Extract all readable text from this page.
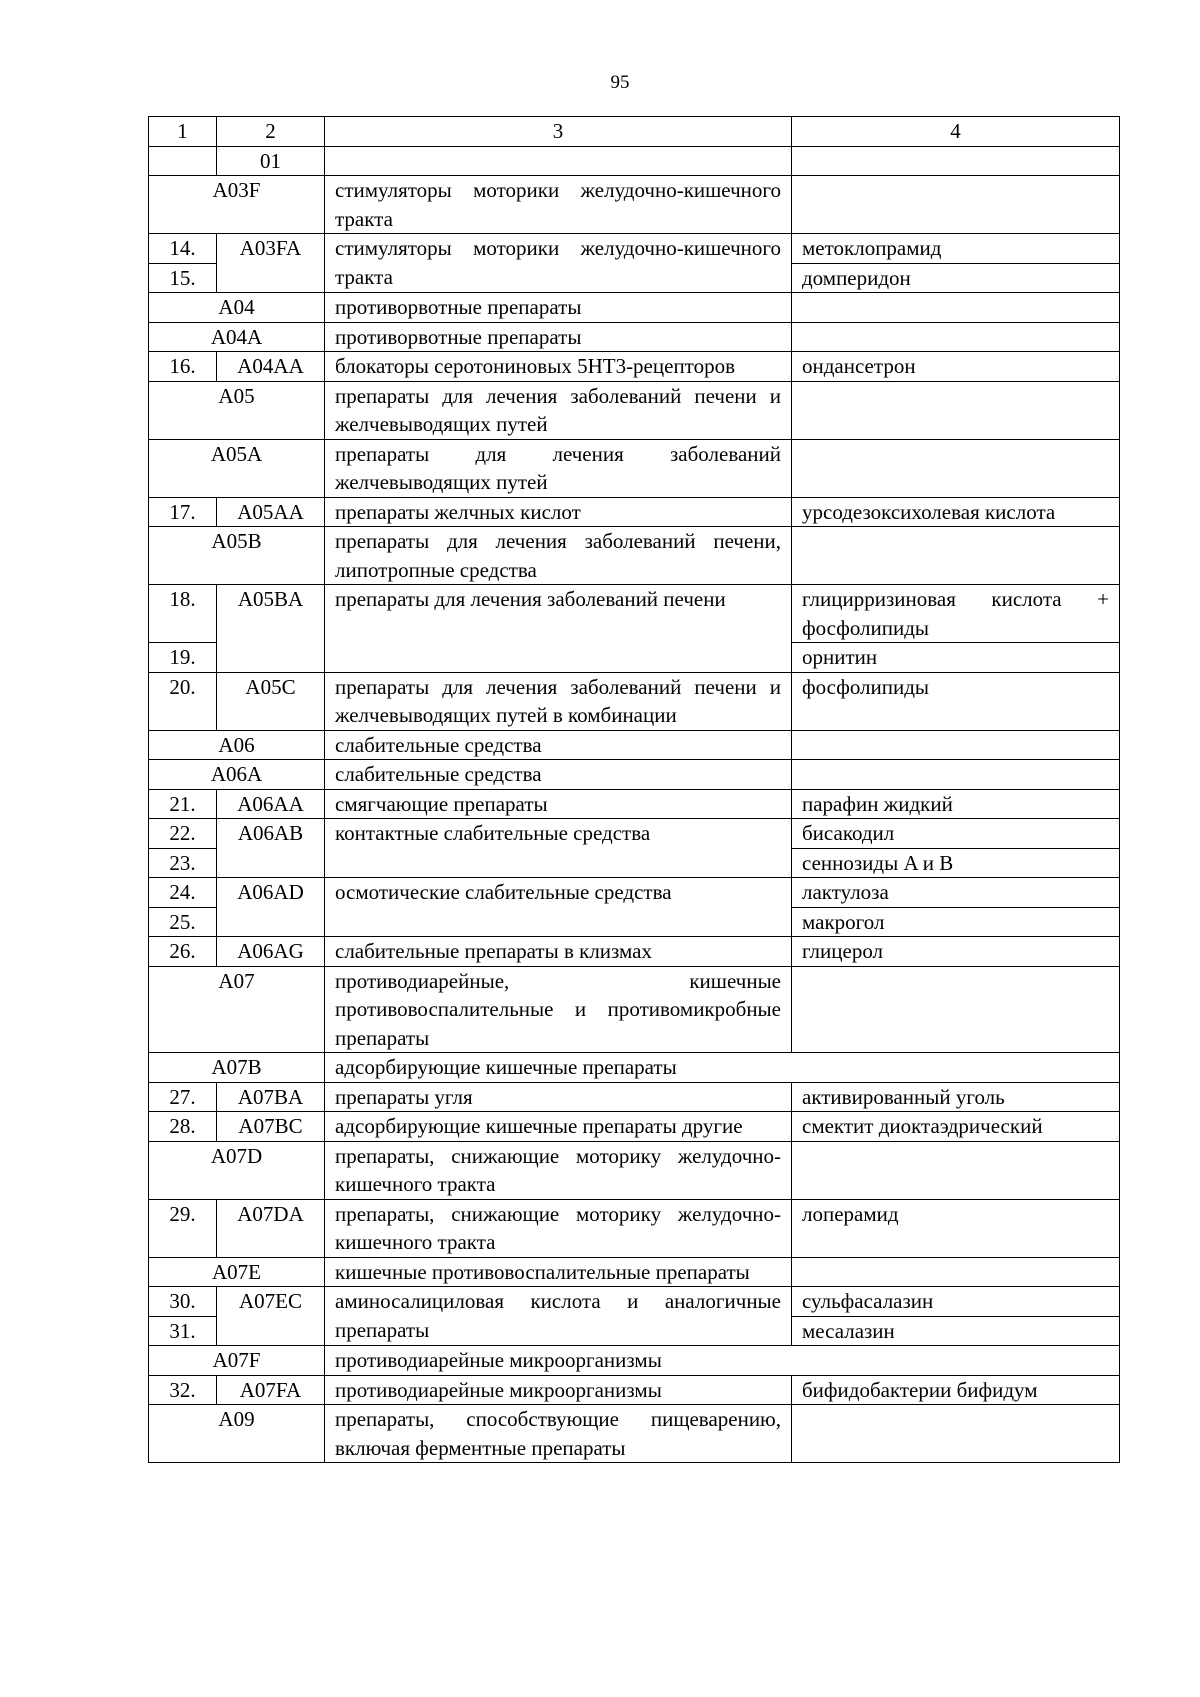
95
1	2	3	4
	01		
A03F		стимуляторы моторики желудочно-кишечного тракта	
14.	A03FA	стимуляторы моторики желудочно-кишечного тракта	метоклопрамид
15.			домперидон
A04		противорвотные препараты	
A04A		противорвотные препараты	
16.	A04AA	блокаторы серотониновых 5HT3-рецепторов	ондансетрон
A05		препараты для лечения заболеваний печени и желчевыводящих путей	
A05A		препараты для лечения заболеваний желчевыводящих путей	
17.	A05AA	препараты желчных кислот	урсодезоксихолевая кислота
A05B		препараты для лечения заболеваний печени, липотропные средства	
18.	A05BA	препараты для лечения заболеваний печени	глицирризиновая кислота + фосфолипиды
19.			орнитин
20.	A05C	препараты для лечения заболеваний печени и желчевыводящих путей в комбинации	фосфолипиды
A06		слабительные средства	
A06A		слабительные средства	
21.	A06AA	смягчающие препараты	парафин жидкий
22.	A06AB	контактные слабительные средства	бисакодил
23.			сеннозиды A и B
24.	A06AD	осмотические слабительные средства	лактулоза
25.			макрогол
26.	A06AG	слабительные препараты в клизмах	глицерол
A07		противодиарейные, кишечные противовоспалительные и противомикробные препараты	
A07B		адсорбирующие кишечные препараты	
27.	A07BA	препараты угля	активированный уголь
28.	A07BC	адсорбирующие кишечные препараты другие	смектит диоктаэдрический
A07D		препараты, снижающие моторику желудочно-кишечного тракта	
29.	A07DA	препараты, снижающие моторику желудочно-кишечного тракта	лоперамид
A07E		кишечные противовоспалительные препараты	
30.	A07EC	аминосалициловая кислота и аналогичные препараты	сульфасалазин
31.			месалазин
A07F		противодиарейные микроорганизмы	
32.	A07FA	противодиарейные микроорганизмы	бифидобактерии бифидум
A09		препараты, способствующие пищеварению, включая ферментные препараты	
